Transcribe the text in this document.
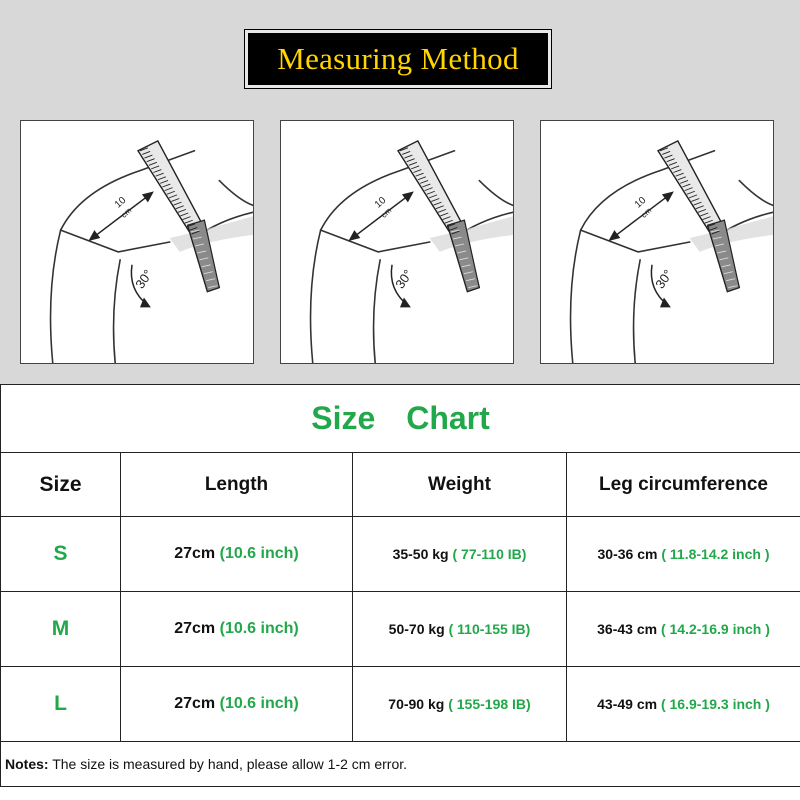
Measuring Method
10
cm
30°
10
cm
30°
10
cm
30°
Size Chart			
Size	Length	Weight	Leg circumference
S	27cm (10.6 inch)	35-50 kg ( 77-110 IB)	30-36 cm ( 11.8-14.2 inch )
M	27cm (10.6 inch)	50-70 kg ( 110-155 IB)	36-43 cm ( 14.2-16.9 inch )
L	27cm (10.6 inch)	70-90 kg ( 155-198 IB)	43-49 cm ( 16.9-19.3 inch )
Notes: The size is measured by hand, please allow 1-2 cm error.			
